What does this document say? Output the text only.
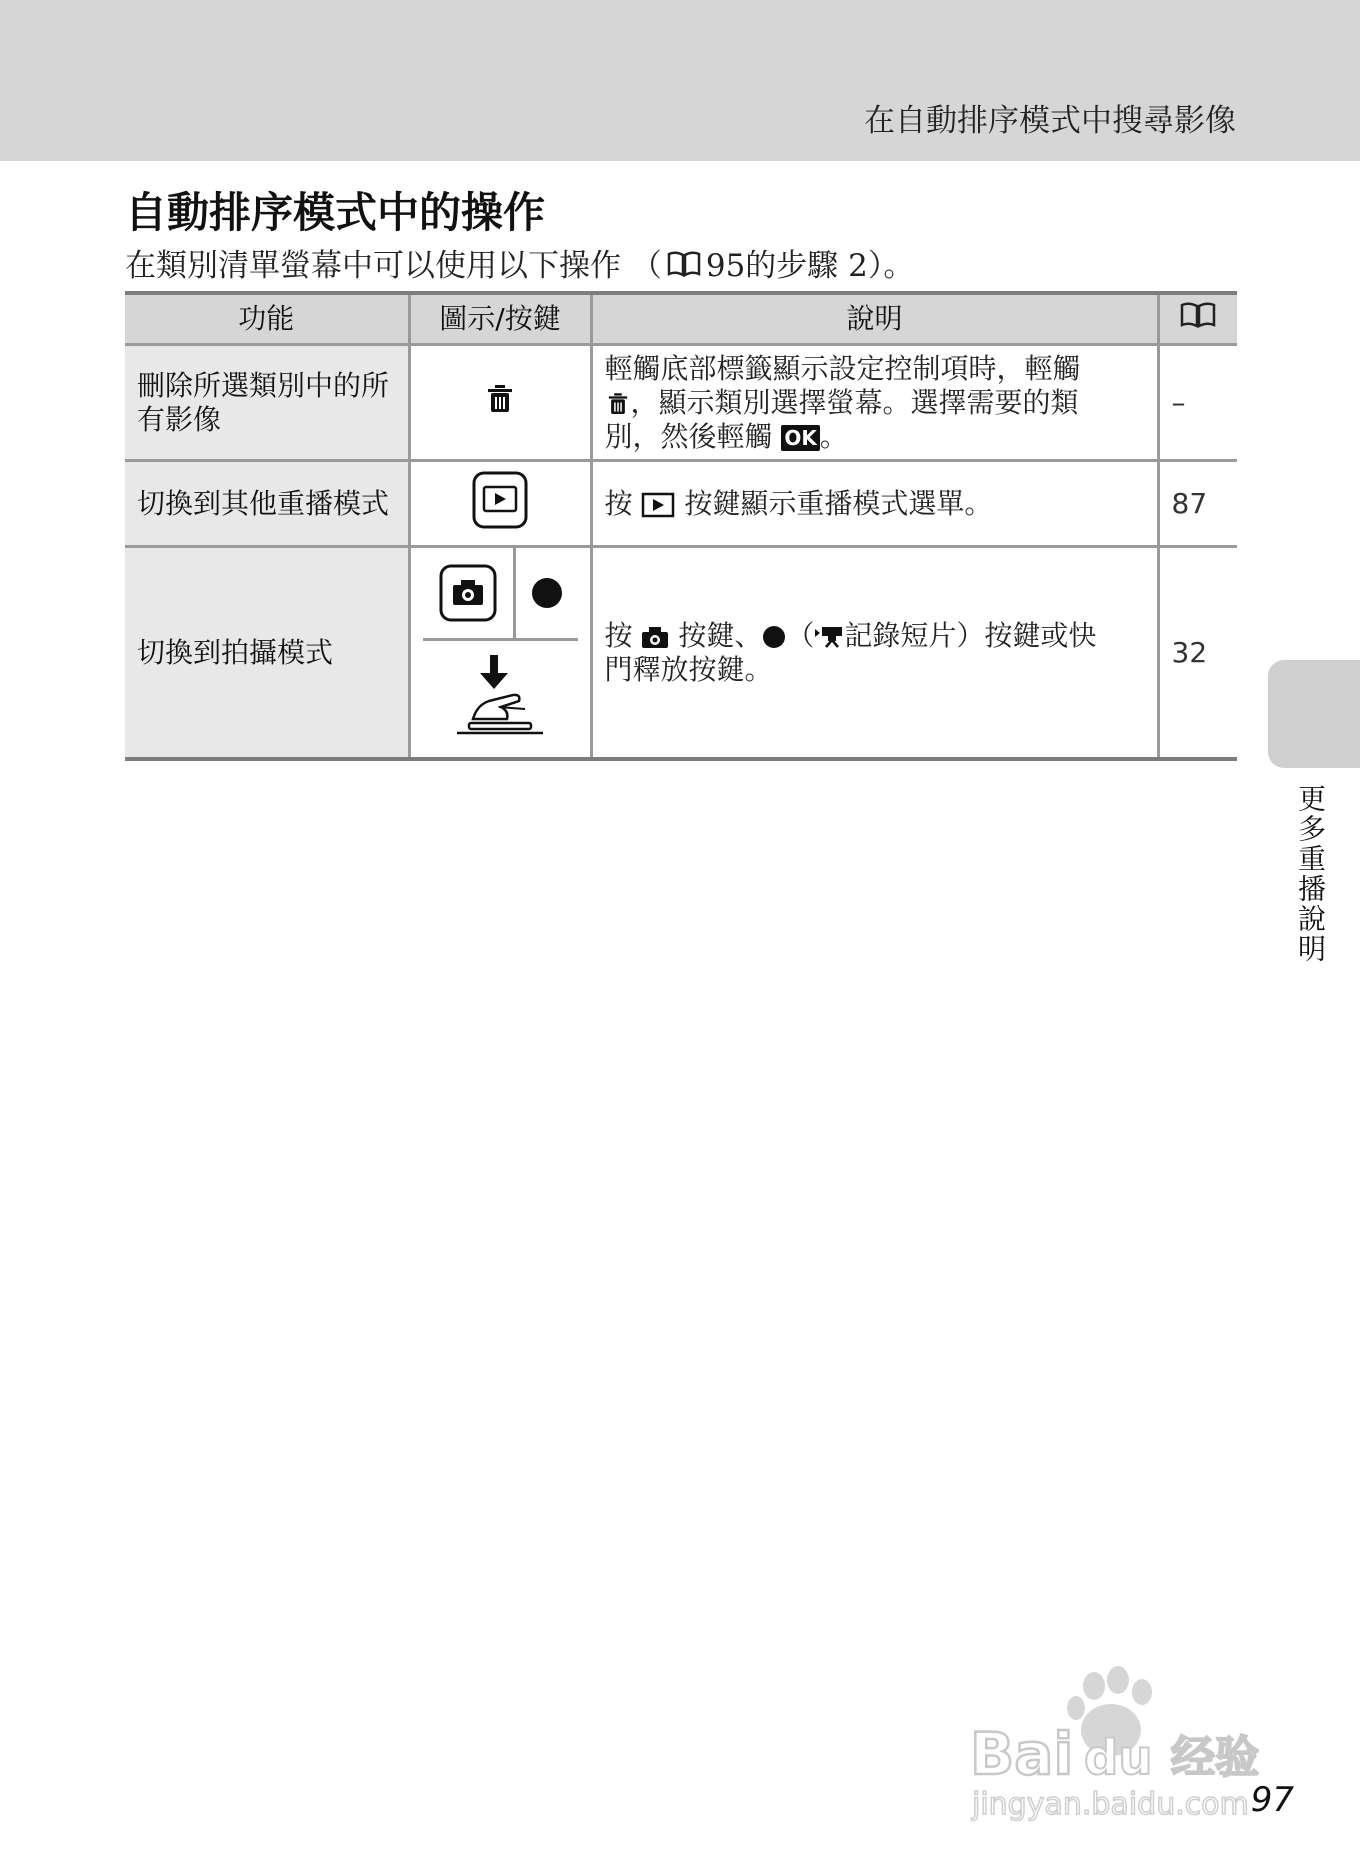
在自動排序模式中搜尋影像
自動排序模式中的操作
在類別清單螢幕中可以使用以下操作 （ 95的步驟 2）。
功能	圖示/按鍵	說明	
刪除所選類別中的所有影像		輕觸底部標籤顯示設定控制項時，輕觸
，顯示類別選擇螢幕。選擇需要的類
別，然後輕觸 OK 。	–
切換到其他重播模式		按 按鍵顯示重播模式選單。	87
切換到拍攝模式		按 按鍵、 （ 記錄短片）按鍵或快
門釋放按鍵。	32
更多重播說明
Bai du 经验
jingyan.baidu.com 97
